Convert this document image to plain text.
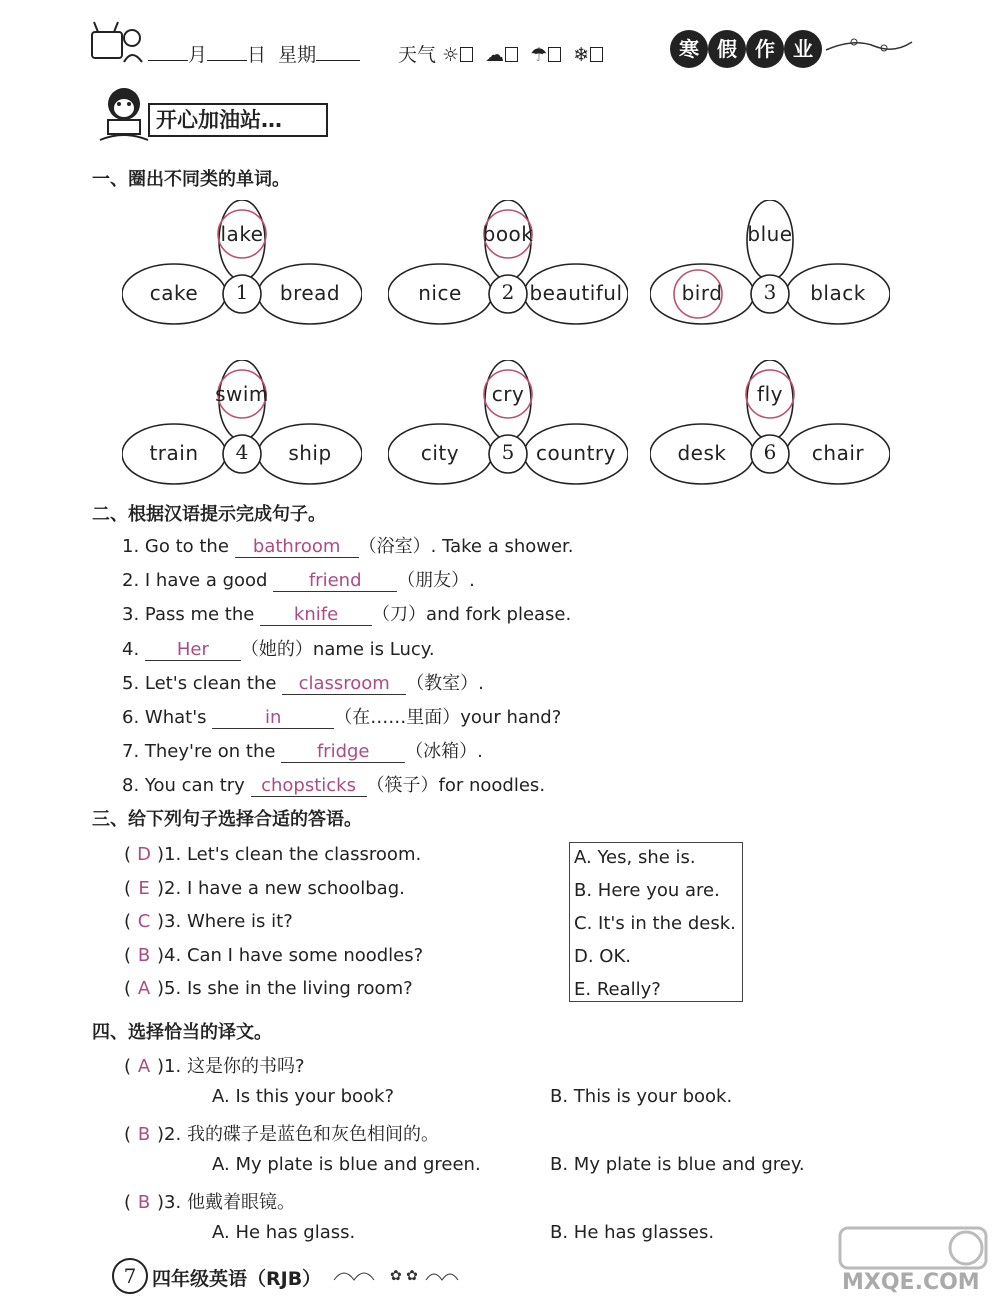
月 日 星期	天气 ☼ ☁ ☂ ❄	寒 假 作 业
开心加油站…
一、圈出不同类的单词。
lake
cake	bread
1
book
nice	beautiful
2
blue
bird	black
3
swim
train	ship
4
cry
city	country
5
fly
desk	chair
6
二、根据汉语提示完成句子。
1. Go to the bathroom （浴室）. Take a shower.
2. I have a good friend （朋友）.
3. Pass me the knife （刀）and fork please.
4. Her （她的）name is Lucy.
5. Let's clean the classroom （教室）.
6. What's	in	（在……里面）your hand?
7. They're on the fridge （冰箱）.
8. You can try chopsticks （筷子）for noodles.
三、给下列句子选择合适的答语。
( D )1. Let's clean the classroom.
( E )2. I have a new schoolbag.
( C )3. Where is it?
( B )4. Can I have some noodles?
( A )5. Is she in the living room?
A. Yes, she is.
B. Here you are.
C. It's in the desk.
D. OK.
E. Really?
四、选择恰当的译文。
( A )1. 这是你的书吗?
A. Is this your book?	B. This is your book.
( B )2. 我的碟子是蓝色和灰色相间的。
A. My plate is blue and green.	B. My plate is blue and grey.
( B )3. 他戴着眼镜。
A. He has glass.	B. He has glasses.
7 四年级英语（RJB）	✿ ✿	MXQE.COM
